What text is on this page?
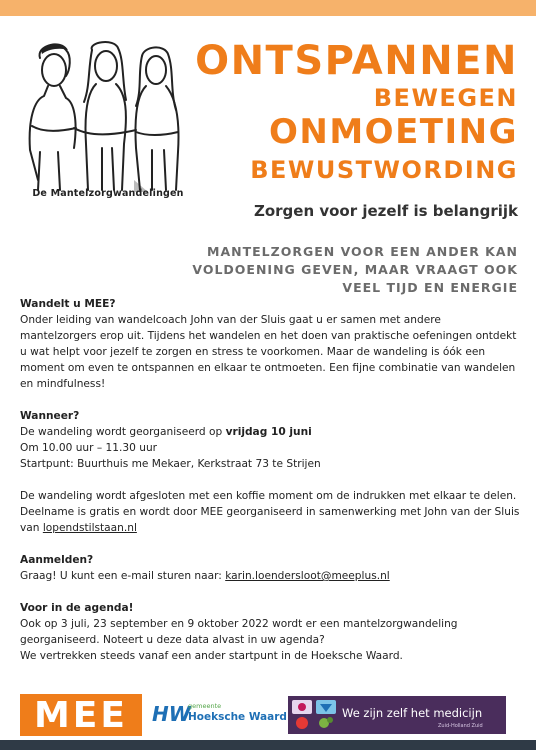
De Mantelzorgwandelingen
ONTSPANNEN
BEWEGEN
ONMOETING
BEWUSTWORDING
Zorgen voor jezelf is belangrijk
MANTELZORGEN VOOR EEN ANDER KAN
VOLDOENING GEVEN, MAAR VRAAGT OOK
VEEL TIJD EN ENERGIE

Wandelt u MEE?

Onder leiding van wandelcoach John van der Sluis gaat u er samen met andere mantelzorgers erop uit. Tijdens het wandelen en het doen van praktische oefeningen ontdekt u wat helpt voor jezelf te zorgen en stress te voorkomen. Maar de wandeling is óók een moment om even te ontspannen en elkaar te ontmoeten. Een fijne combinatie van wandelen en mindfulness!

Wanneer?

De wandeling wordt georganiseerd op vrijdag 10 juni

Om 10.00 uur – 11.30 uur

Startpunt: Buurthuis me Mekaer, Kerkstraat 73 te Strijen

De wandeling wordt afgesloten met een koffie moment om de indrukken met elkaar te delen. Deelname is gratis en wordt door MEE georganiseerd in samenwerking met John van der Sluis van lopendstilstaan.nl

Aanmelden?

Graag! U kunt een e-mail sturen naar: karin.loendersloot@meeplus.nl

Voor in de agenda!

Ook op 3 juli, 23 september en 9 oktober 2022 wordt er een mantelzorgwandeling georganiseerd. Noteert u deze data alvast in uw agenda?

We vertrekken steeds vanaf een ander startpunt in de Hoeksche Waard.

MEE HW
gemeente
Hoeksche Waard	We zijn zelf het medicijn
Zuid-Holland Zuid
